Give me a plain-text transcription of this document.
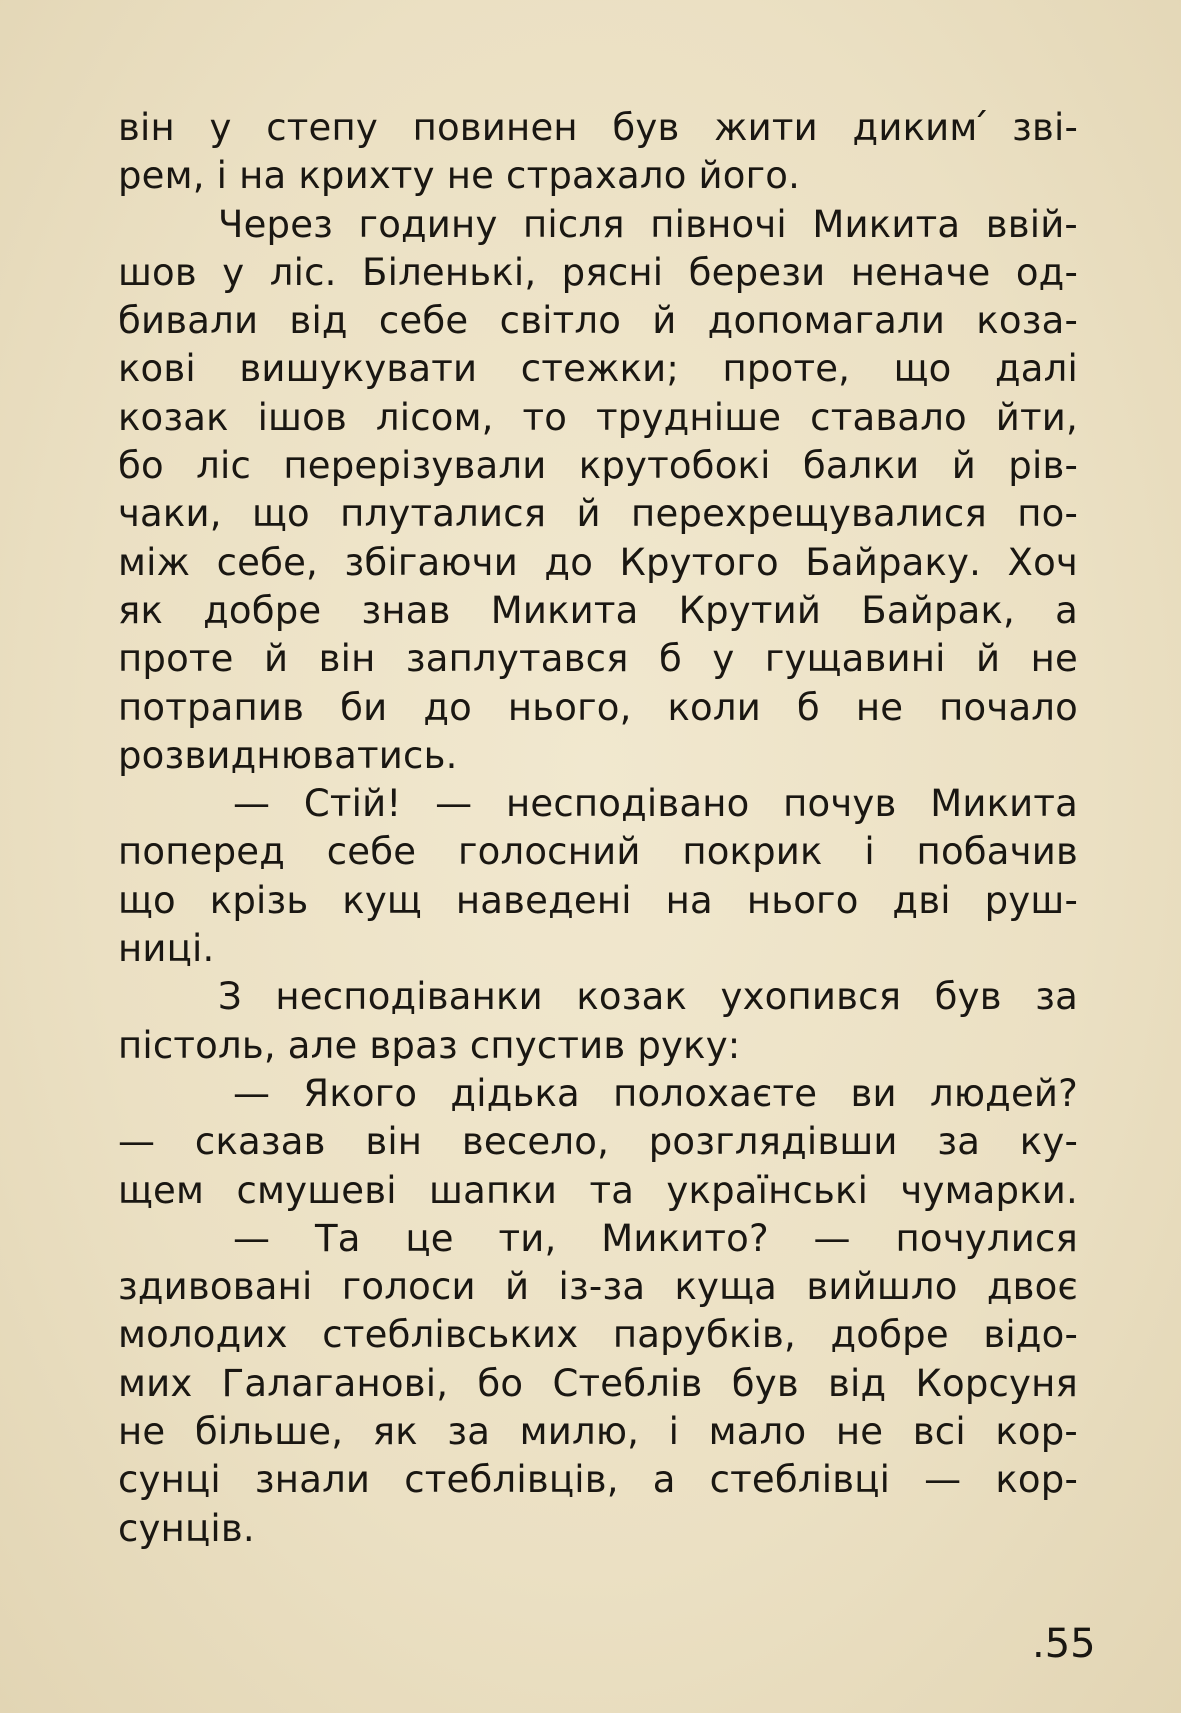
він у степу повинен був жити диким ́звi-
рем, і на крихту не страхало його.
Через годину після півночі Микита ввій-
шов у ліс. Біленькі, рясні берези неначе од-
бивали від себе світло й допомагали коза-
кові вишукувати стежки; проте, що далі
козак ішов лісом, то трудніше ставало йти,
бо ліс перерізували крутобокі балки й рів-
чаки, що плуталися й перехрещувалися по-
між себе, збігаючи до Крутого Байраку. Хоч
як добре знав Микита Крутий Байрак, а
проте й він заплутався б у гущавині й не
потрапив би до нього, коли б не почало
розвиднюватись.
— Стій! — несподівано почув Микита
поперед себе голосний покрик і побачив
що крізь кущ наведені на нього дві руш-
ниці.
З несподіванки козак ухопився був за
пістоль, але враз спустив руку:
— Якого дідька полохаєте ви людей?
— сказав він весело, розглядівши за ку-
щем смушеві шапки та українські чумарки.
— Та це ти, Микито? — почулися
здивовані голоси й із-за куща вийшло двоє
молодих стеблівських парубків, добре відо-
мих Галаганові, бо Стеблів був від Корсуня
не більше, як за милю, і мало не всі кор-
сунці знали стеблівців, а стеблівці — кор-
сунців.
.55
